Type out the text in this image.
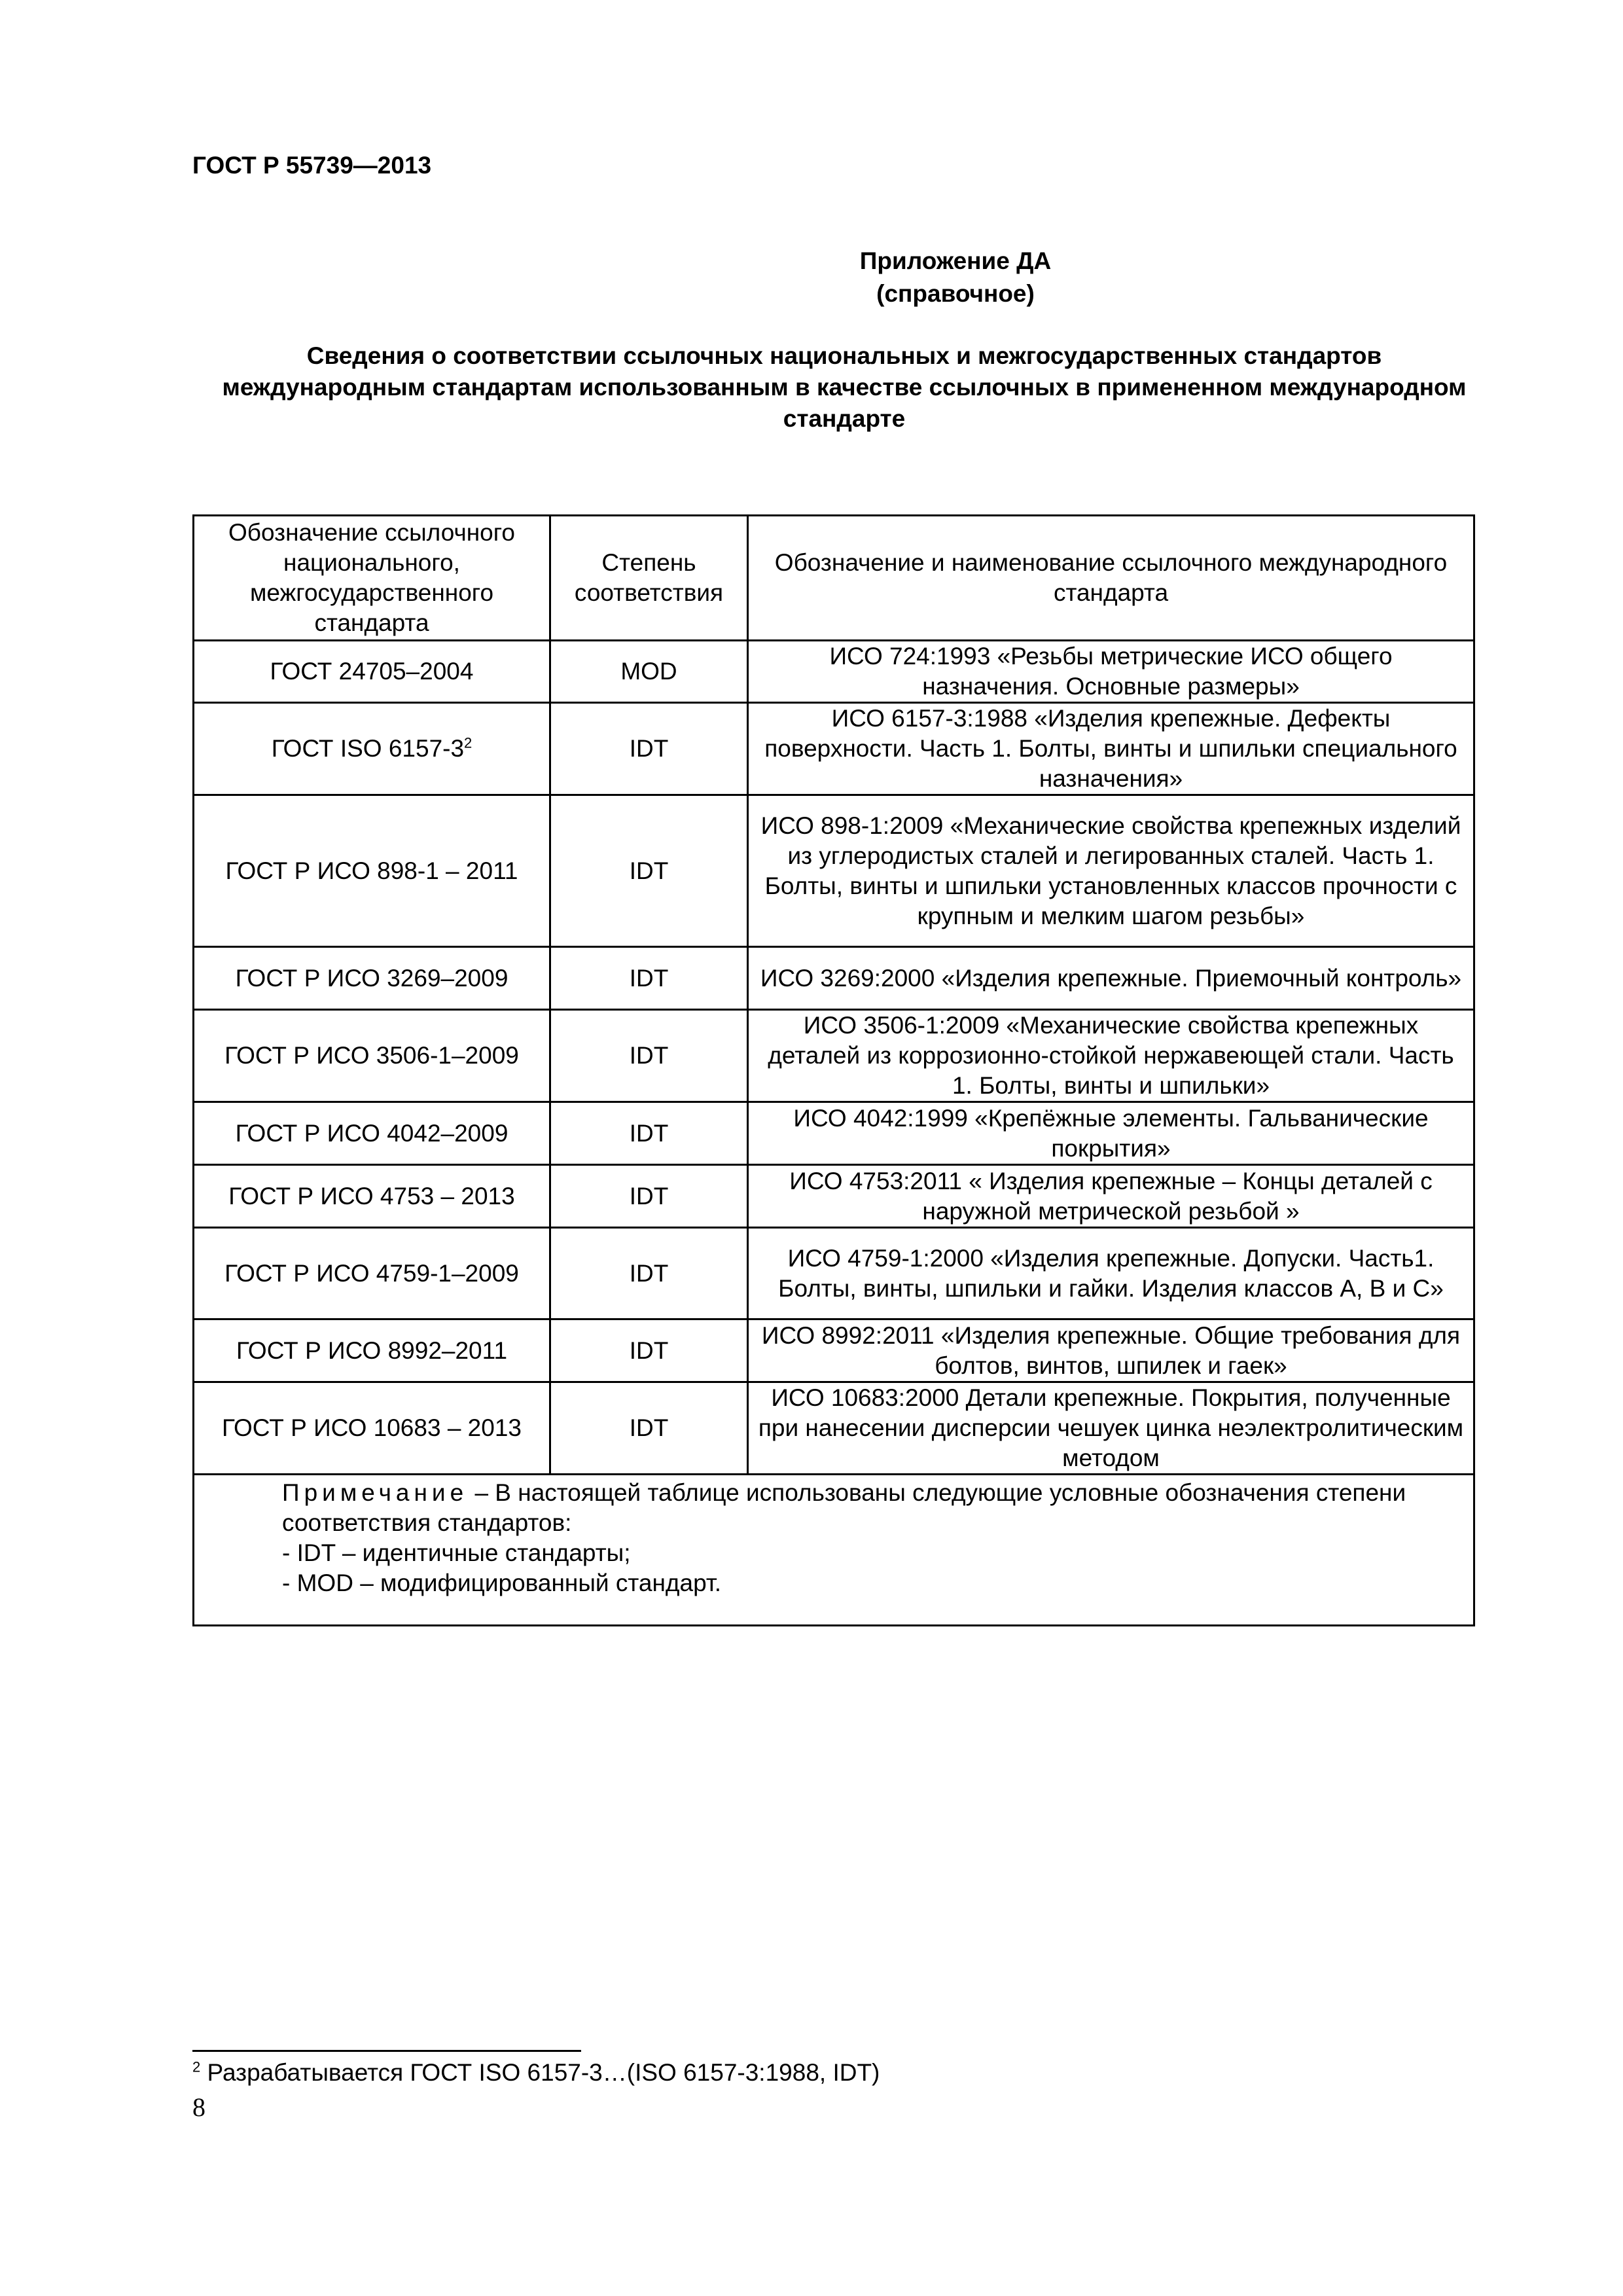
ГОСТ Р 55739—2013

Приложение ДА

(справочное)

Сведения о соответствии ссылочных национальных и межгосударственных стандартов международным стандартам использованным в качестве ссылочных в примененном международном стандарте

Обозначение ссылочного национального, межгосударственного стандарта	Степень соответствия	Обозначение и наименование ссылочного международного стандарта
ГОСТ 24705–2004	MOD	ИСО 724:1993 «Резьбы метрические ИСО общего назначения. Основные размеры»
ГОСТ ISO $6157-3^2$	IDT	ИСО 6157-3:1988 «Изделия крепежные. Дефекты поверхности. Часть 1. Болты, винты и шпильки специального назначения»
ГОСТ Р ИСО 898-1 – 2011	IDT	ИСО 898-1:2009 «Механические свойства крепежных изделий из углеродистых сталей и легированных сталей. Часть 1. Болты, винты и шпильки установленных классов прочности с крупным и мелким шагом резьбы»
ГОСТ Р ИСО 3269–2009	IDT	ИСО 3269:2000 «Изделия крепежные. Приемочный контроль»
ГОСТ Р ИСО 3506-1–2009	IDT	ИСО 3506-1:2009 «Механические свойства крепежных деталей из коррозионно-стойкой нержавеющей стали. Часть 1. Болты, винты и шпильки»
ГОСТ Р ИСО 4042–2009	IDT	ИСО 4042:1999 «Крепёжные элементы. Гальванические покрытия»
ГОСТ Р ИСО 4753 – 2013	IDT	ИСО 4753:2011 « Изделия крепежные – Концы деталей с наружной метрической резьбой »
ГОСТ Р ИСО 4759-1–2009	IDT	ИСО 4759-1:2000 «Изделия крепежные. Допуски. Часть1. Болты, винты, шпильки и гайки. Изделия классов А, В и С»
ГОСТ Р ИСО 8992–2011	IDT	ИСО 8992:2011 «Изделия крепежные. Общие требования для болтов, винтов, шпилек и гаек»
ГОСТ Р ИСО 10683 – 2013	IDT	ИСО 10683:2000 Детали крепежные. Покрытия, полученные при нанесении дисперсии чешуек цинка неэлектролитическим методом

Примечание – В настоящей таблице использованы следующие условные обозначения степени соответствия стандартов:
- IDT – идентичные стандарты;
- MOD – модифицированный стандарт.		

$^2$ Разрабатывается ГОСТ ISO 6157-3…(ISO 6157-3:1988, IDT)

8
